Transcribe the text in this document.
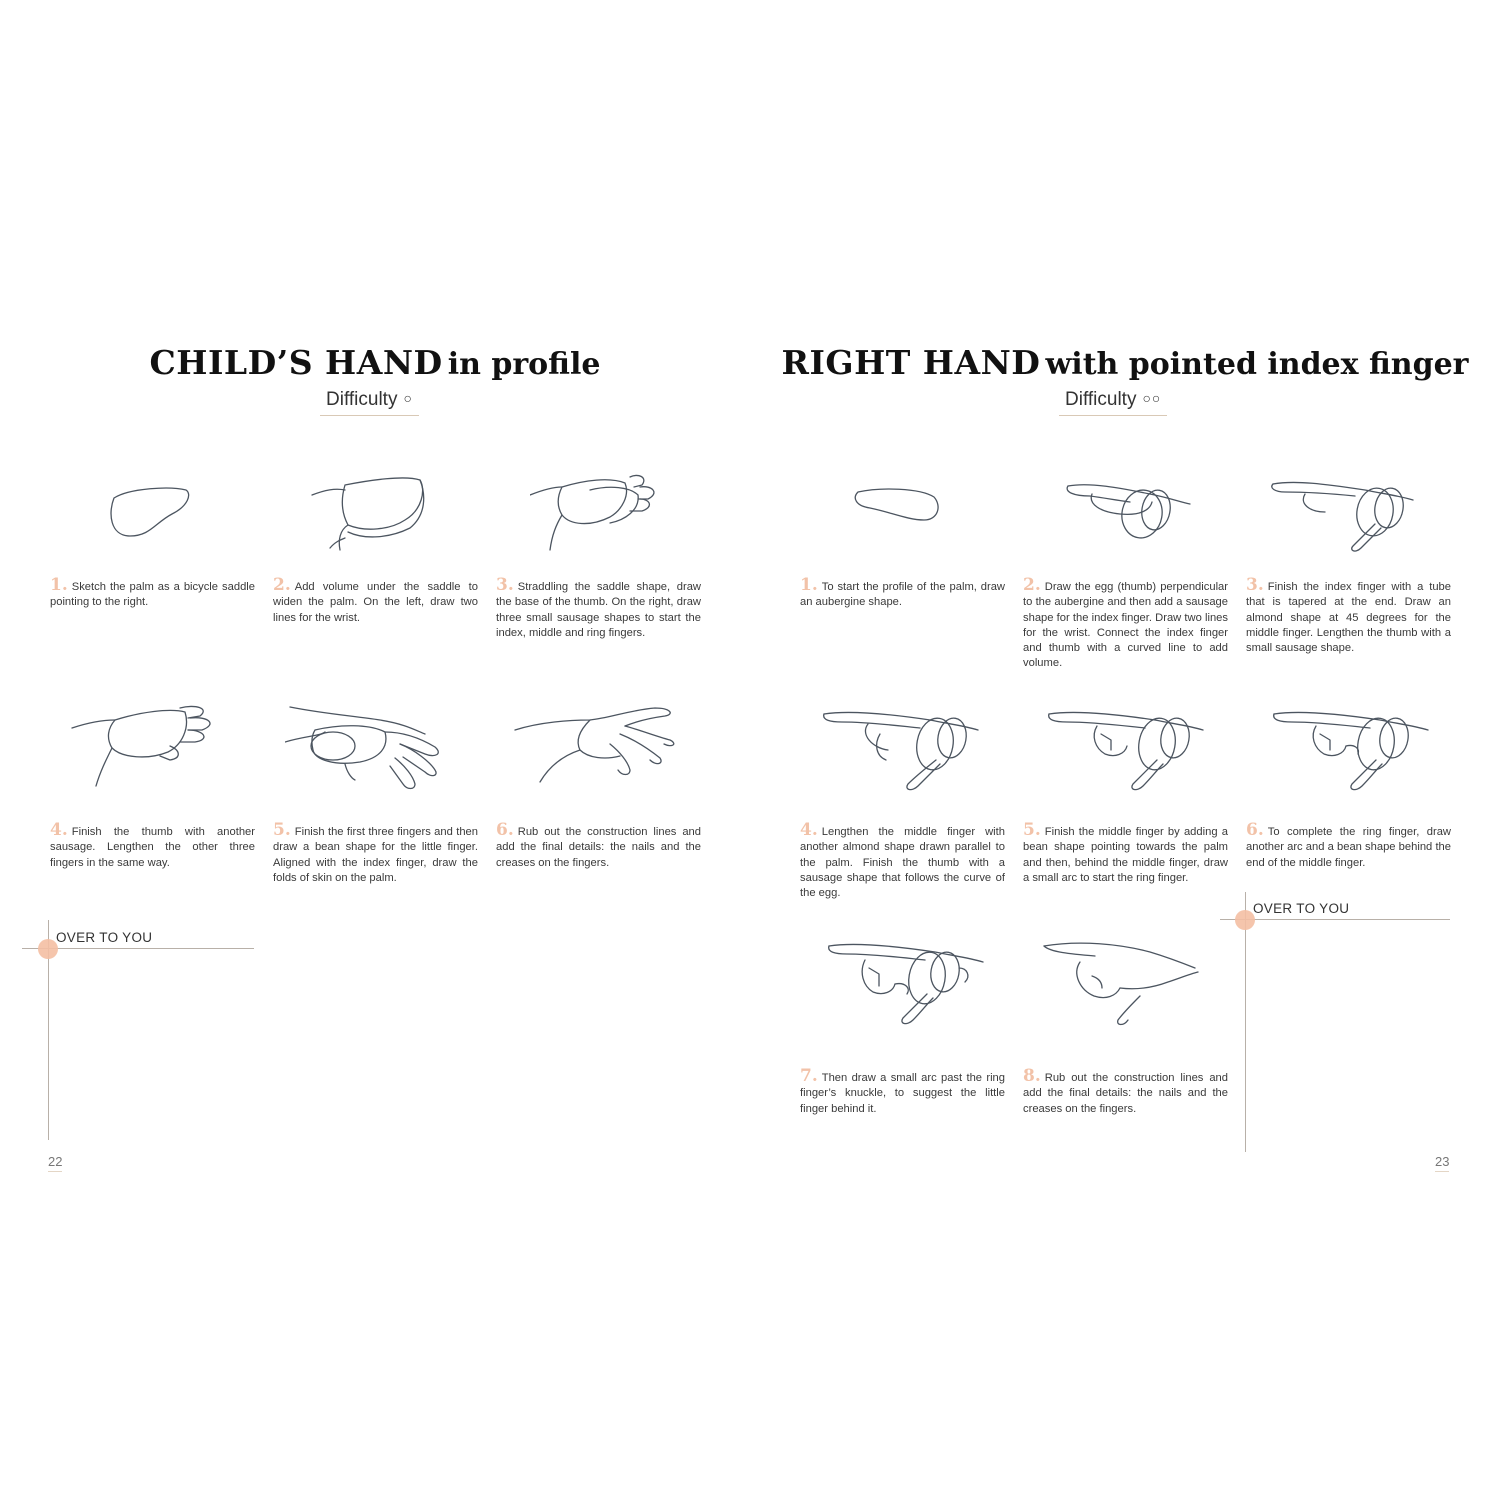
CHILD’S HAND in profile
Difficulty ○
1. Sketch the palm as a bicycle saddle pointing to the right.
2. Add volume under the saddle to widen the palm. On the left, draw two lines for the wrist.
3. Straddling the saddle shape, draw the base of the thumb. On the right, draw three small sausage shapes to start the index, middle and ring fingers.
4. Finish the thumb with another sausage. Lengthen the other three fingers in the same way.
5. Finish the first three fingers and then draw a bean shape for the little finger. Aligned with the index finger, draw the folds of skin on the palm.
6. Rub out the construction lines and add the final details: the nails and the creases on the fingers.
OVER TO YOU
22
RIGHT HAND with pointed index finger
Difficulty ○○
1. To start the profile of the palm, draw an aubergine shape.
2. Draw the egg (thumb) perpendicular to the aubergine and then add a sausage shape for the index finger. Draw two lines for the wrist. Connect the index finger and thumb with a curved line to add volume.
3. Finish the index finger with a tube that is tapered at the end. Draw an almond shape at 45 degrees for the middle finger. Lengthen the thumb with a small sausage shape.
4. Lengthen the middle finger with another almond shape drawn parallel to the palm. Finish the thumb with a sausage shape that follows the curve of the egg.
5. Finish the middle finger by adding a bean shape pointing towards the palm and then, behind the middle finger, draw a small arc to start the ring finger.
6. To complete the ring finger, draw another arc and a bean shape behind the end of the middle finger.
7. Then draw a small arc past the ring finger’s knuckle, to suggest the little finger behind it.
8. Rub out the construction lines and add the final details: the nails and the creases on the fingers.
OVER TO YOU
23
